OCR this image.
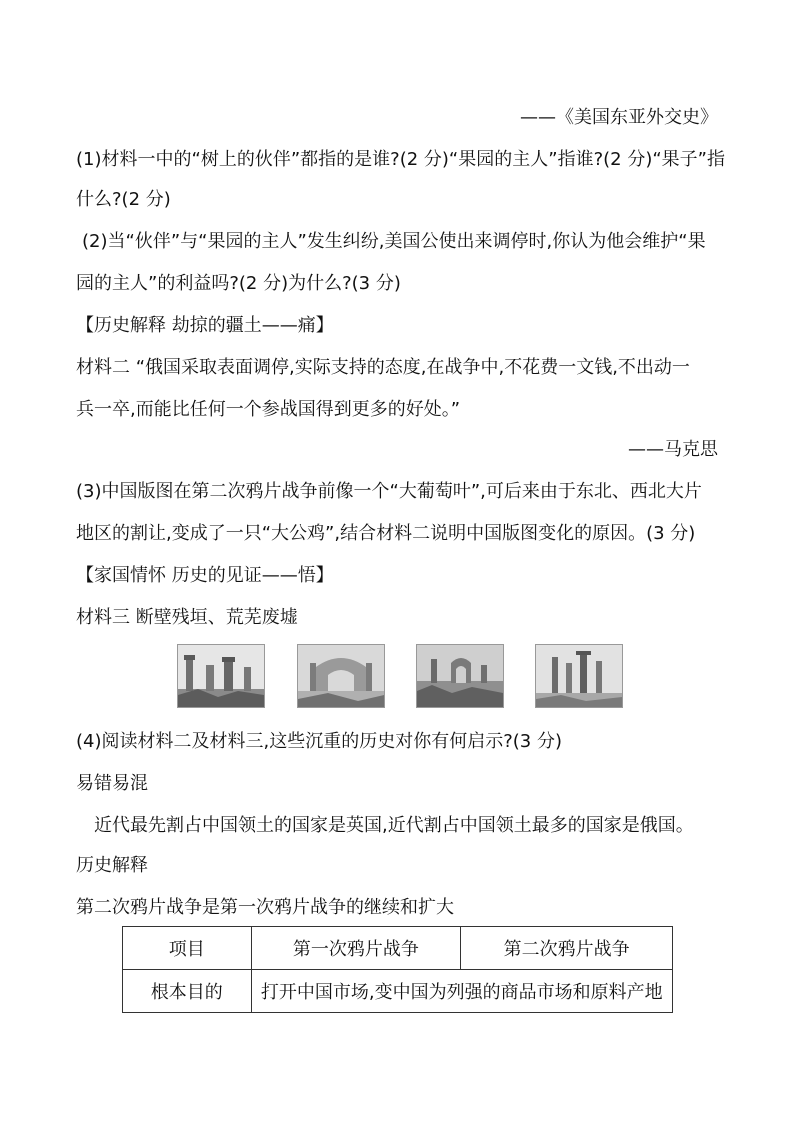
——《美国东亚外交史》
(1)材料一中的“树上的伙伴”都指的是谁?(2 分)“果园的主人”指谁?(2 分)“果子”指
什么?(2 分)
(2)当“伙伴”与“果园的主人”发生纠纷,美国公使出来调停时,你认为他会维护“果
园的主人”的利益吗?(2 分)为什么?(3 分)
【历史解释 劫掠的疆土——痛】
材料二 “俄国采取表面调停,实际支持的态度,在战争中,不花费一文钱,不出动一
兵一卒,而能比任何一个参战国得到更多的好处。”
——马克思
(3)中国版图在第二次鸦片战争前像一个“大葡萄叶”,可后来由于东北、西北大片
地区的割让,变成了一只“大公鸡”,结合材料二说明中国版图变化的原因。(3 分)
【家国情怀 历史的见证——悟】
材料三 断壁残垣、荒芜废墟
(4)阅读材料二及材料三,这些沉重的历史对你有何启示?(3 分)
易错易混
近代最先割占中国领土的国家是英国,近代割占中国领土最多的国家是俄国。
历史解释
第二次鸦片战争是第一次鸦片战争的继续和扩大
项目	第一次鸦片战争	第二次鸦片战争
根本目的	打开中国市场,变中国为列强的商品市场和原料产地	
